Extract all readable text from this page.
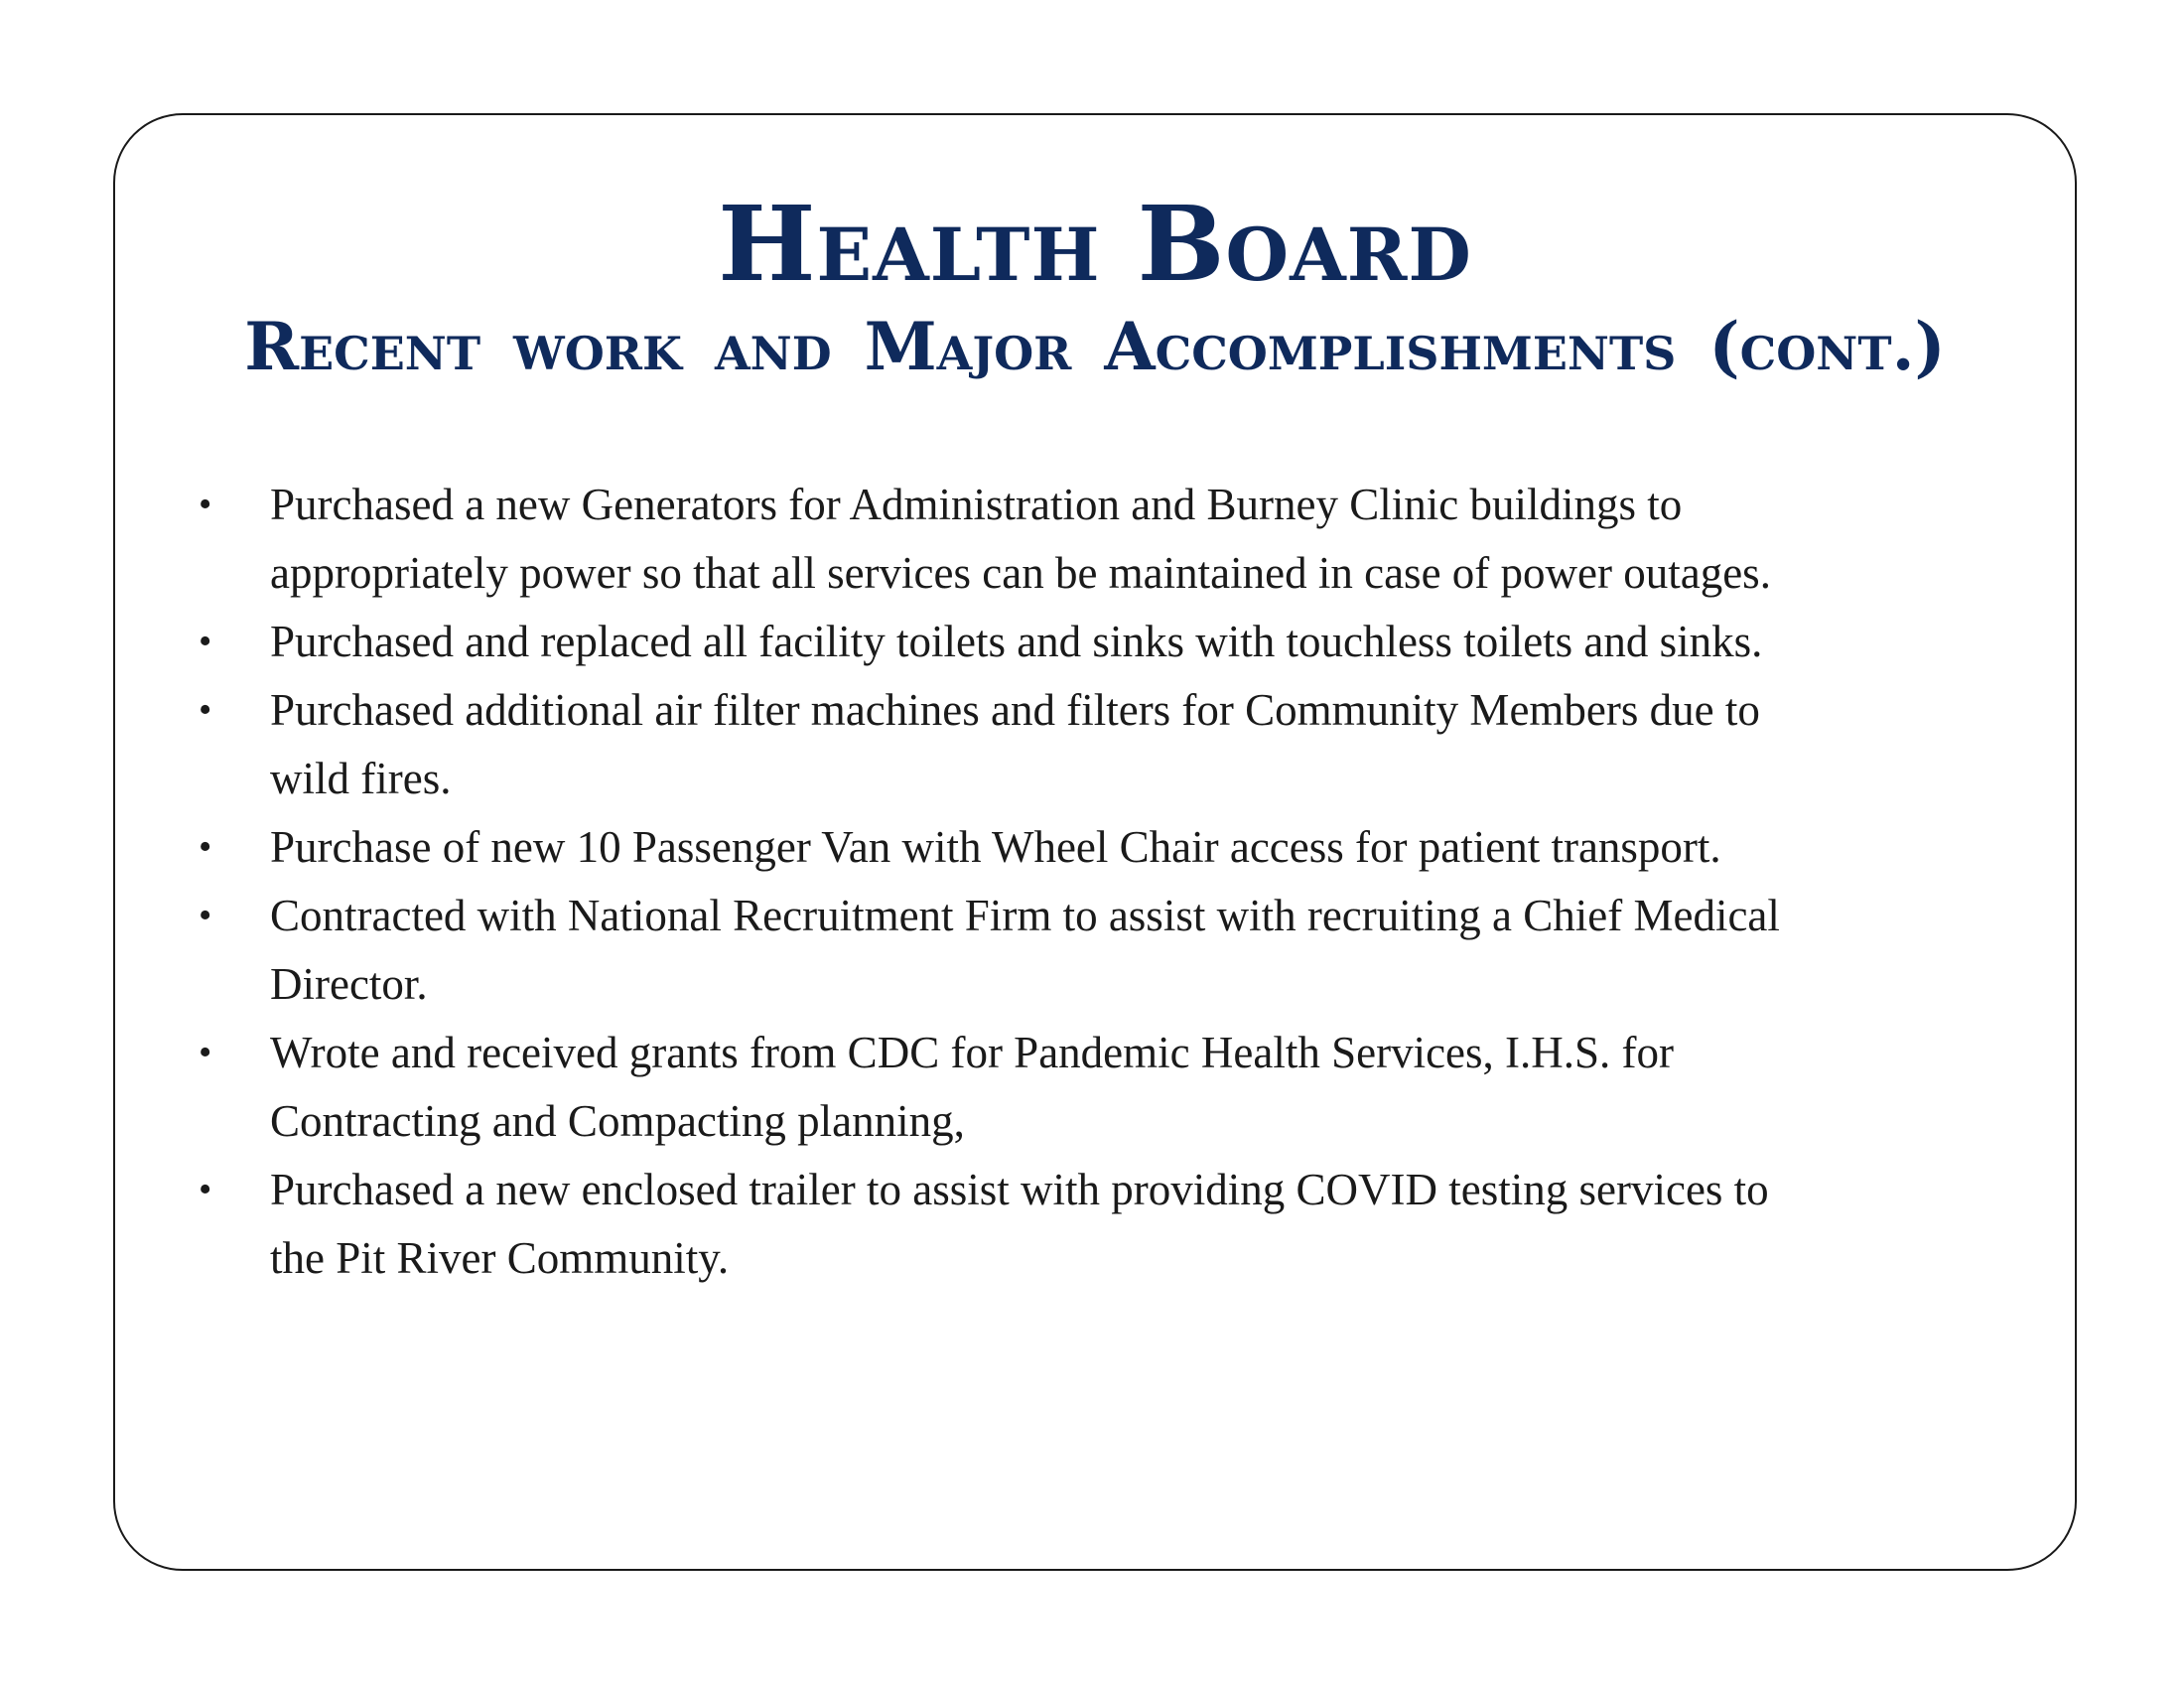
Health Board
Recent work and Major Accomplishments (cont.)
•	Purchased a new Generators for Administration and Burney Clinic buildings to
appropriately power so that all services can be maintained in case of power outages.
•	Purchased and replaced all facility toilets and sinks with touchless toilets and sinks.
•	Purchased additional air filter machines and filters for Community Members due to
wild fires.
•	Purchase of new 10 Passenger Van with Wheel Chair access for patient transport.
•	Contracted with National Recruitment Firm to assist with recruiting a Chief Medical
Director.
•	Wrote and received grants from CDC for Pandemic Health Services, I.H.S. for
Contracting and Compacting planning,
•	Purchased a new enclosed trailer to assist with providing COVID testing services to
the Pit River Community.
